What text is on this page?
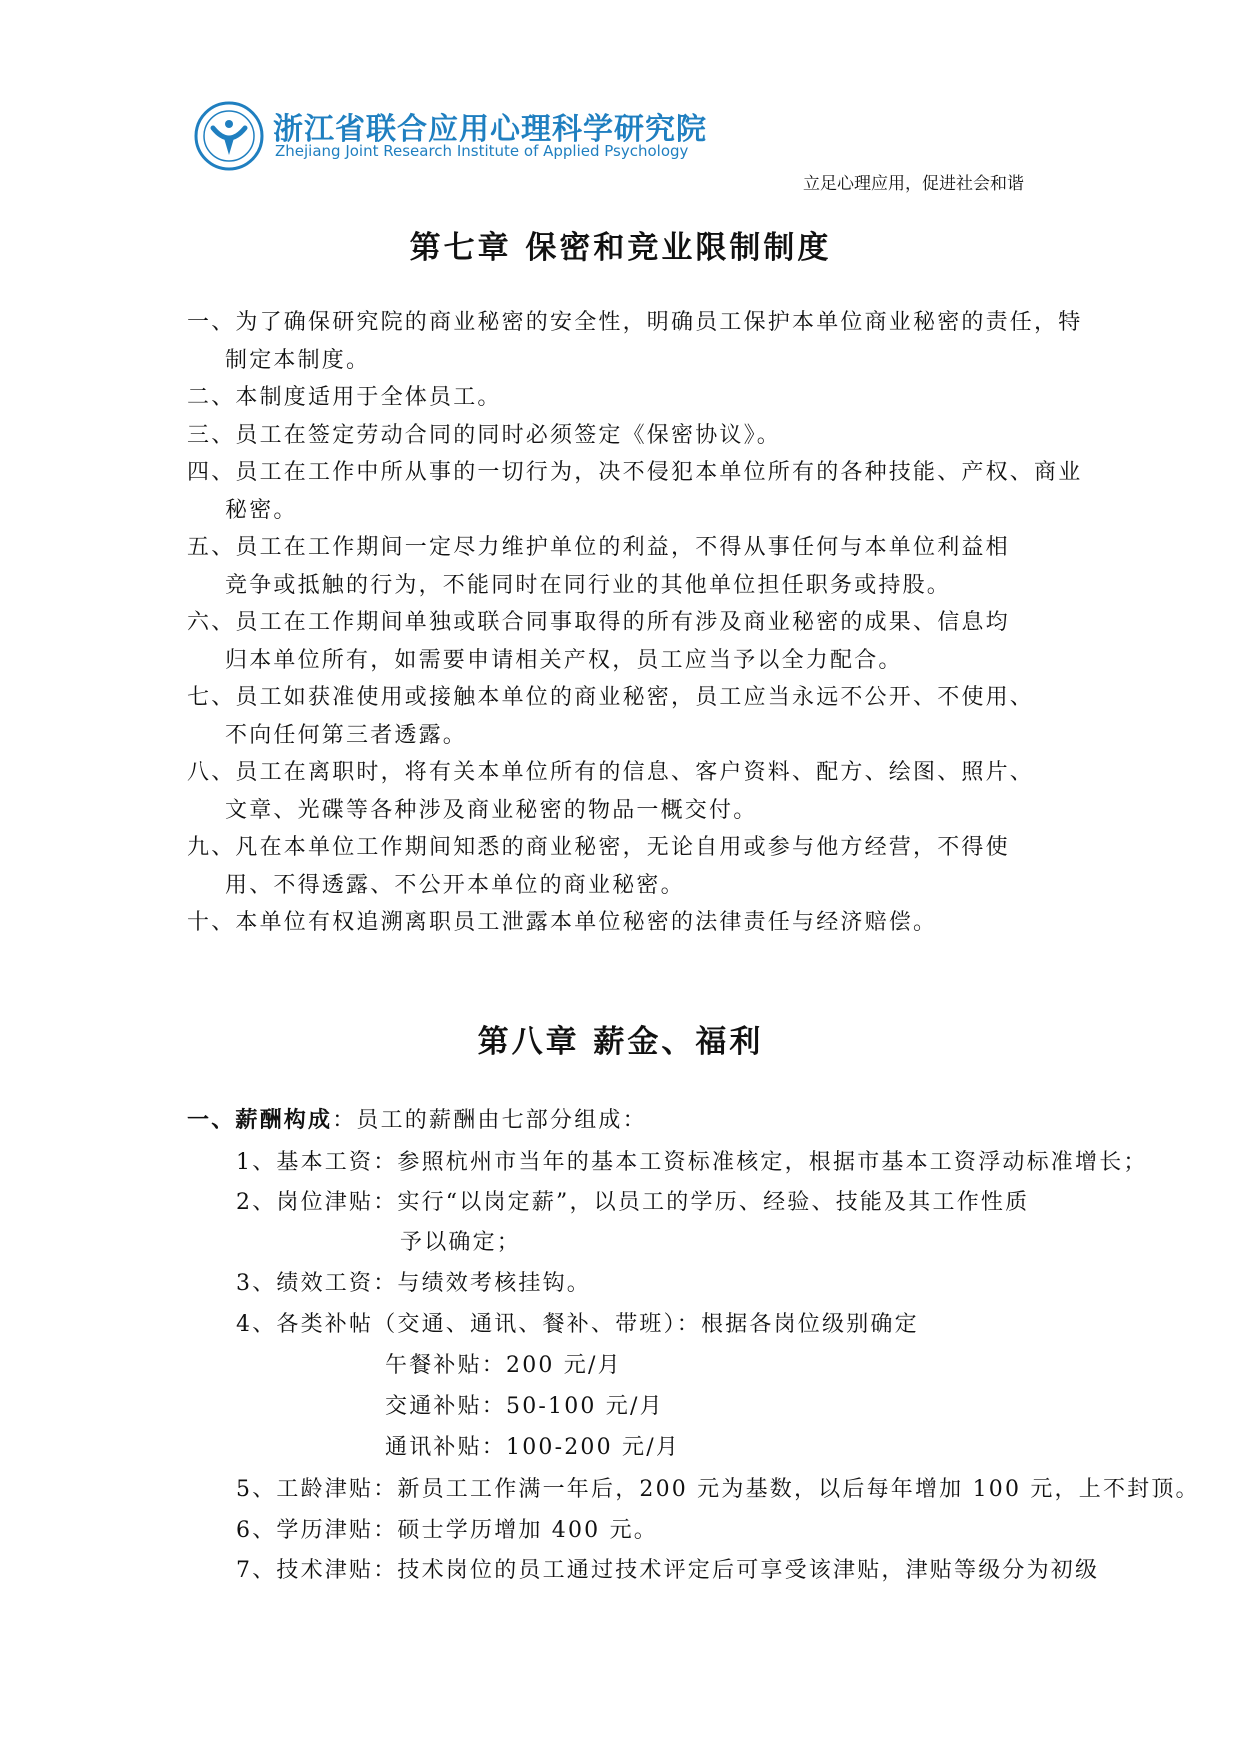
浙江省联合应用心理科学研究院
Zhejiang Joint Research Institute of Applied Psychology
立足心理应用，促进社会和谐
第七章 保密和竞业限制制度
一、为了确保研究院的商业秘密的安全性，明确员工保护本单位商业秘密的责任，特
制定本制度。
二、本制度适用于全体员工。
三、员工在签定劳动合同的同时必须签定《保密协议》。
四、员工在工作中所从事的一切行为，决不侵犯本单位所有的各种技能、产权、商业
秘密。
五、员工在工作期间一定尽力维护单位的利益，不得从事任何与本单位利益相
竞争或抵触的行为，不能同时在同行业的其他单位担任职务或持股。
六、员工在工作期间单独或联合同事取得的所有涉及商业秘密的成果、信息均
归本单位所有，如需要申请相关产权，员工应当予以全力配合。
七、员工如获准使用或接触本单位的商业秘密，员工应当永远不公开、不使用、
不向任何第三者透露。
八、员工在离职时，将有关本单位所有的信息、客户资料、配方、绘图、照片、
文章、光碟等各种涉及商业秘密的物品一概交付。
九、凡在本单位工作期间知悉的商业秘密，无论自用或参与他方经营，不得使
用、不得透露、不公开本单位的商业秘密。
十、本单位有权追溯离职员工泄露本单位秘密的法律责任与经济赔偿。
第八章 薪金、福利
一、薪酬构成：员工的薪酬由七部分组成：
1、基本工资：参照杭州市当年的基本工资标准核定，根据市基本工资浮动标准增长；
2、岗位津贴：实行“以岗定薪”，以员工的学历、经验、技能及其工作性质
予以确定；
3、绩效工资：与绩效考核挂钩。
4、各类补帖（交通、通讯、餐补、带班）：根据各岗位级别确定
午餐补贴：200 元/月
交通补贴：50-100 元/月
通讯补贴：100-200 元/月
5、工龄津贴：新员工工作满一年后，200 元为基数，以后每年增加 100 元，上不封顶。
6、学历津贴：硕士学历增加 400 元。
7、技术津贴：技术岗位的员工通过技术评定后可享受该津贴，津贴等级分为初级
